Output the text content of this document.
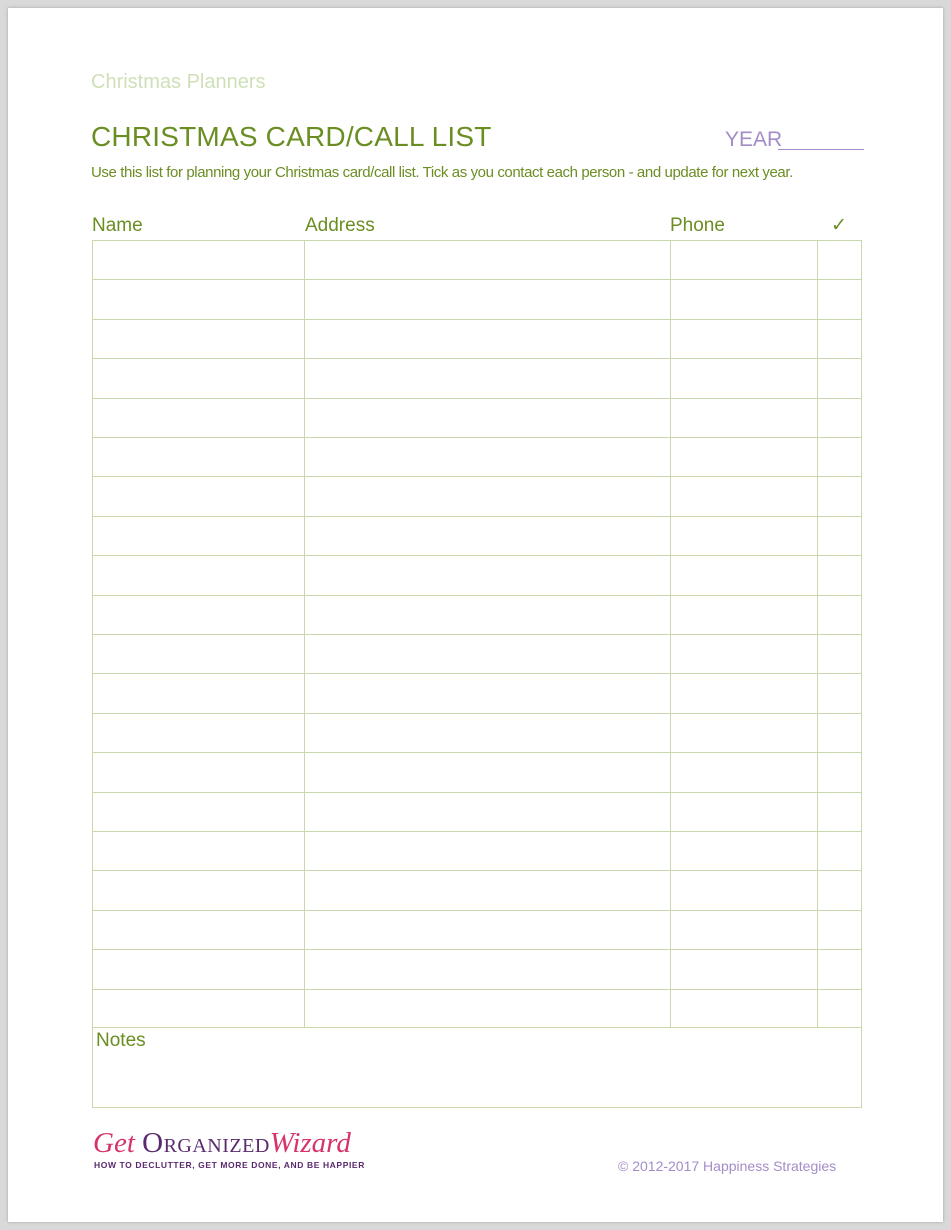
Christmas Planners
CHRISTMAS CARD/CALL LIST	YEAR
Use this list for planning your Christmas card/call list. Tick as you contact each person - and update for next year.
Name	Address	Phone	✓
Notes
Get OrganizedWizard
HOW TO DECLUTTER, GET MORE DONE, AND BE HAPPIER	© 2012-2017 Happiness Strategies
